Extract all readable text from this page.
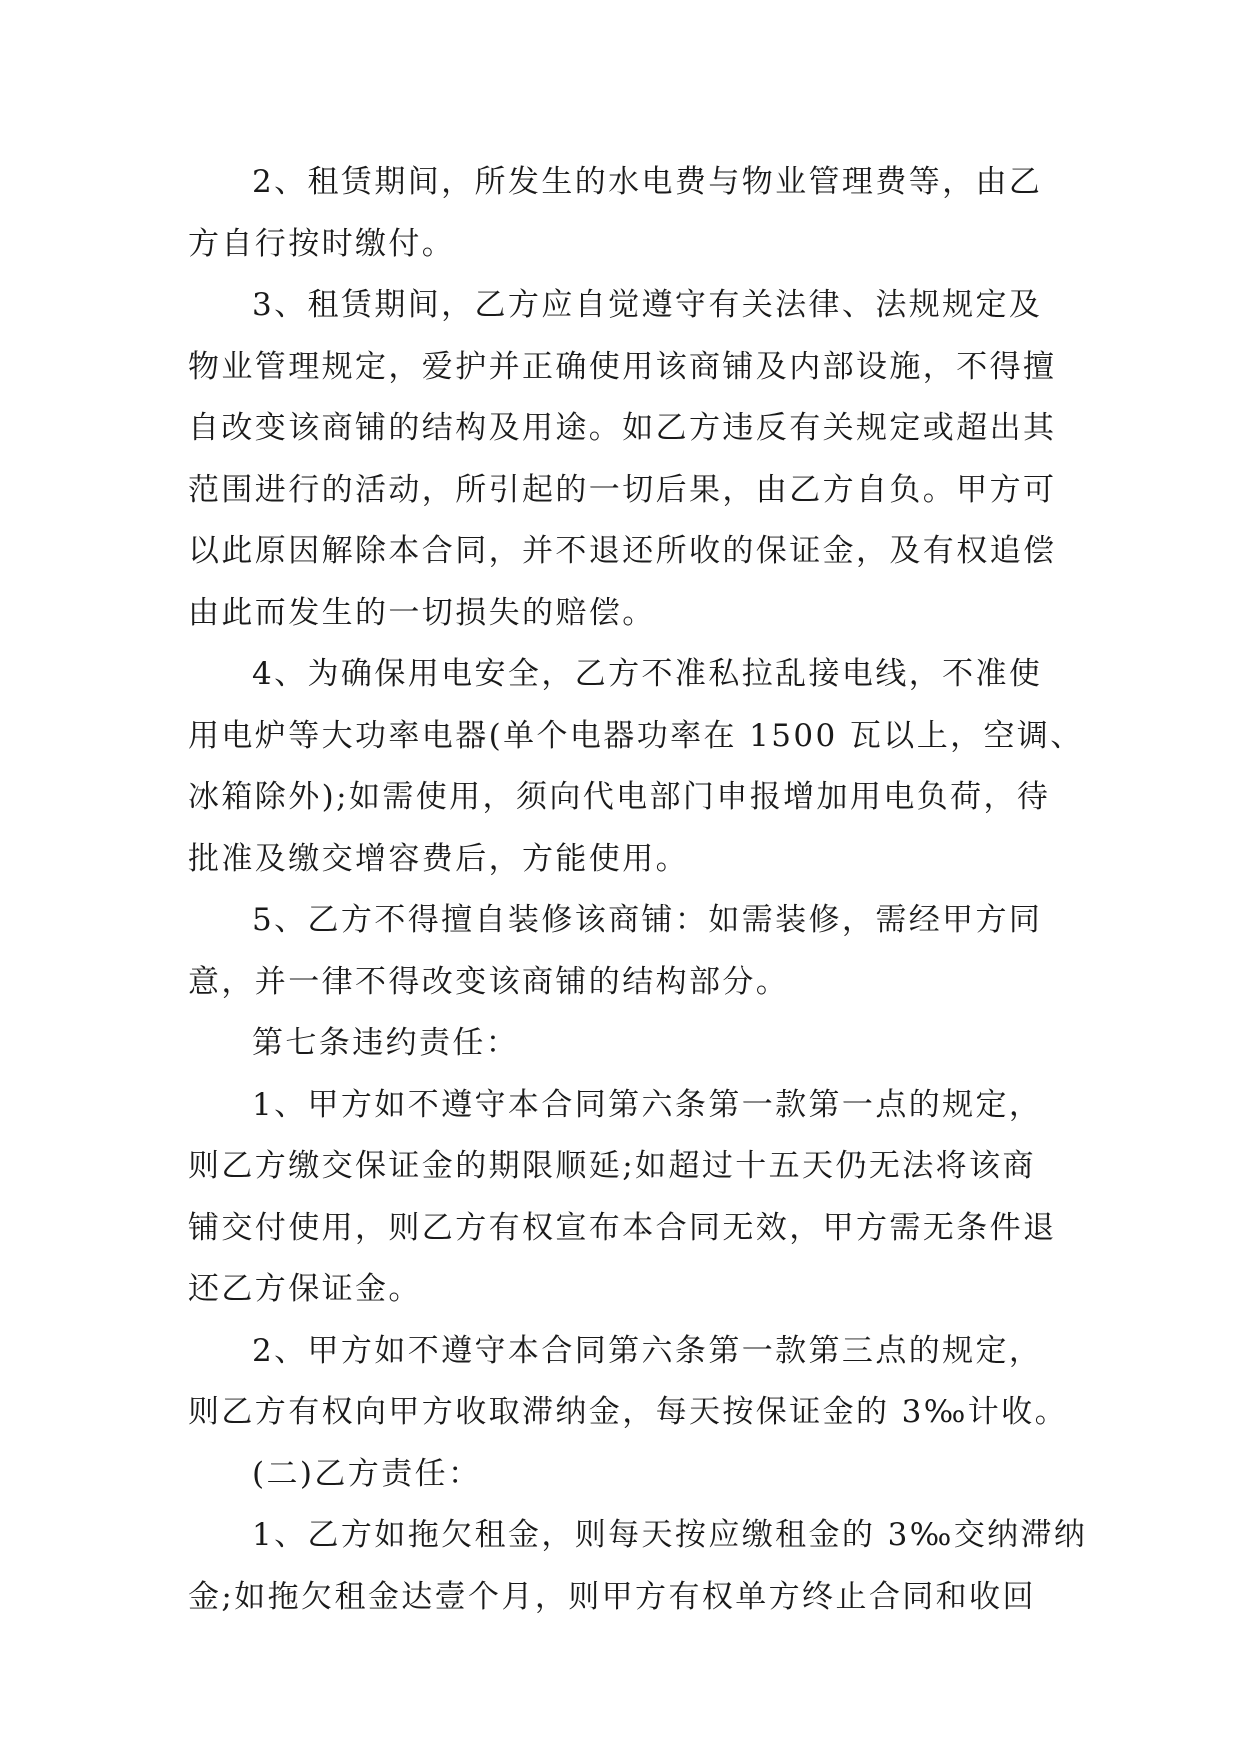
2、租赁期间，所发生的水电费与物业管理费等，由乙
方自行按时缴付。
3、租赁期间，乙方应自觉遵守有关法律、法规规定及
物业管理规定，爱护并正确使用该商铺及内部设施，不得擅
自改变该商铺的结构及用途。如乙方违反有关规定或超出其
范围进行的活动，所引起的一切后果，由乙方自负。甲方可
以此原因解除本合同，并不退还所收的保证金，及有权追偿
由此而发生的一切损失的赔偿。
4、为确保用电安全，乙方不准私拉乱接电线，不准使
用电炉等大功率电器(单个电器功率在 1500 瓦以上，空调、
冰箱除外);如需使用，须向代电部门申报增加用电负荷，待
批准及缴交增容费后，方能使用。
5、乙方不得擅自装修该商铺：如需装修，需经甲方同
意，并一律不得改变该商铺的结构部分。
第七条违约责任：
1、甲方如不遵守本合同第六条第一款第一点的规定，
则乙方缴交保证金的期限顺延;如超过十五天仍无法将该商
铺交付使用，则乙方有权宣布本合同无效，甲方需无条件退
还乙方保证金。
2、甲方如不遵守本合同第六条第一款第三点的规定，
则乙方有权向甲方收取滞纳金，每天按保证金的 3‰计收。
(二)乙方责任：
1、乙方如拖欠租金，则每天按应缴租金的 3‰交纳滞纳
金;如拖欠租金达壹个月，则甲方有权单方终止合同和收回
